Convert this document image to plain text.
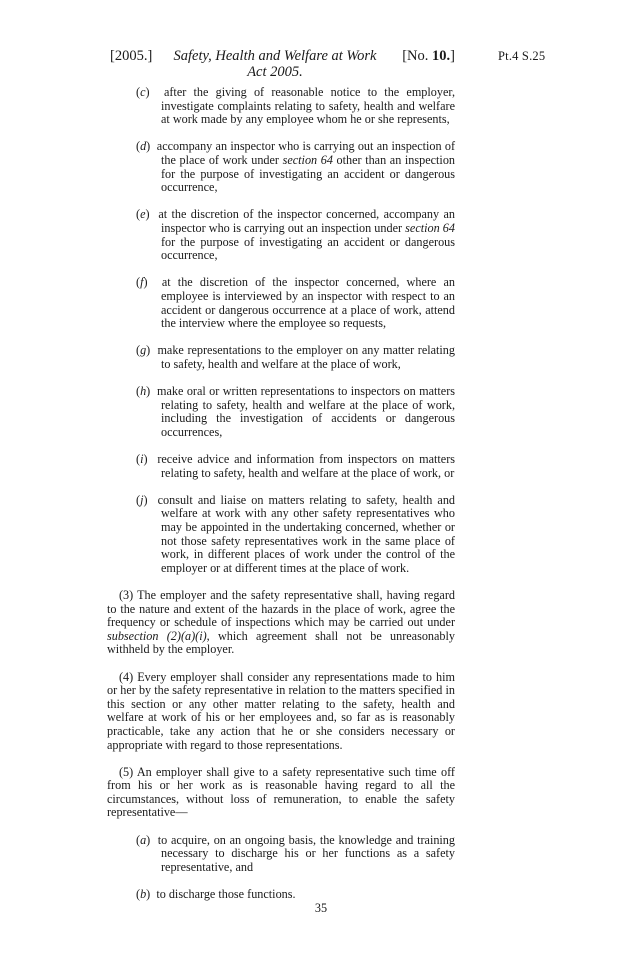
[2005.] Safety, Health and Welfare at Work
Act 2005.
[No. 10.]	Pt.4 S.25

(c) after the giving of reasonable notice to the employer, investigate complaints relating to safety, health and welfare at work made by any employee whom he or she represents,

(d) accompany an inspector who is carrying out an inspection of the place of work under section 64 other than an inspection for the purpose of investigating an accident or dangerous occurrence,

(e) at the discretion of the inspector concerned, accompany an inspector who is carrying out an inspection under section 64 for the purpose of investigating an accident or dangerous occurrence,

(f) at the discretion of the inspector concerned, where an employee is interviewed by an inspector with respect to an accident or dangerous occurrence at a place of work, attend the interview where the employee so requests,

(g) make representations to the employer on any matter relating to safety, health and welfare at the place of work,

(h) make oral or written representations to inspectors on matters relating to safety, health and welfare at the place of work, including the investigation of accidents or dangerous occurrences,

(i) receive advice and information from inspectors on matters relating to safety, health and welfare at the place of work, or

(j) consult and liaise on matters relating to safety, health and welfare at work with any other safety representatives who may be appointed in the undertaking concerned, whether or not those safety representatives work in the same place of work, in different places of work under the control of the employer or at different times at the place of work.

(3) The employer and the safety representative shall, having regard to the nature and extent of the hazards in the place of work, agree the frequency or schedule of inspections which may be carried out under subsection (2)(a)(i), which agreement shall not be unreasonably withheld by the employer.

(4) Every employer shall consider any representations made to him or her by the safety representative in relation to the matters specified in this section or any other matter relating to the safety, health and welfare at work of his or her employees and, so far as is reasonably practicable, take any action that he or she considers necessary or appropriate with regard to those representations.

(5) An employer shall give to a safety representative such time off from his or her work as is reasonable having regard to all the circumstances, without loss of remuneration, to enable the safety representative—

(a) to acquire, on an ongoing basis, the knowledge and training necessary to discharge his or her functions as a safety representative, and

(b) to discharge those functions.

35
